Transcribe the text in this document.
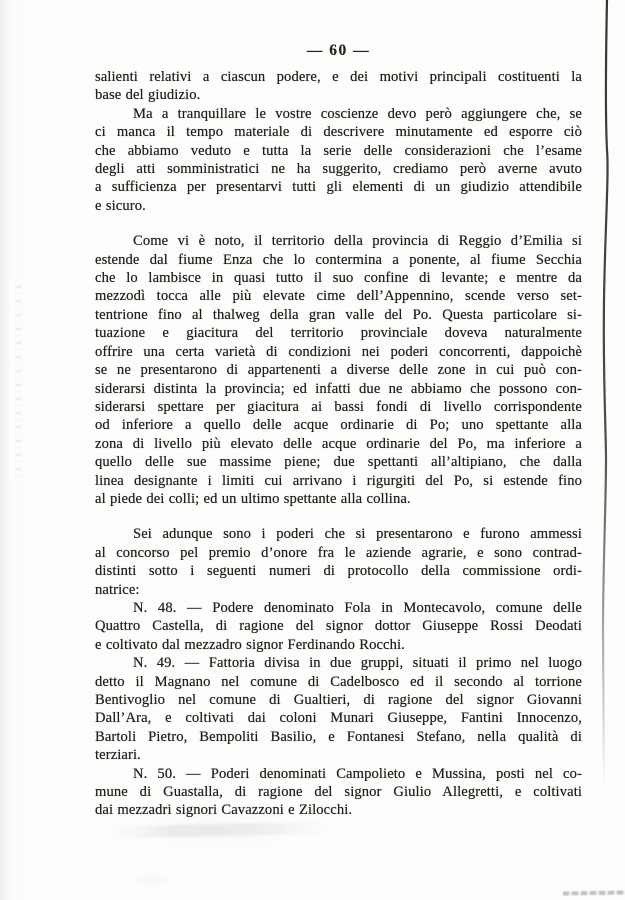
— 60 —
salienti relativi a ciascun podere, e dei motivi principali costituenti la
base del giudizio.
Ma a tranquillare le vostre coscienze devo però aggiungere che, se
ci manca il tempo materiale di descrivere minutamente ed esporre ciò
che abbiamo veduto e tutta la serie delle considerazioni che l’esame
degli atti somministratici ne ha suggerito, crediamo però averne avuto
a sufficienza per presentarvi tutti gli elementi di un giudizio attendibile
e sicuro.
Come vi è noto, il territorio della provincia di Reggio d’Emilia si
estende dal fiume Enza che lo contermina a ponente, al fiume Secchia
che lo lambisce in quasi tutto il suo confine di levante; e mentre da
mezzodì tocca alle più elevate cime dell’Appennino, scende verso set-
tentrione fino al thalweg della gran valle del Po. Questa particolare si-
tuazione e giacitura del territorio provinciale doveva naturalmente
offrire una certa varietà di condizioni nei poderi concorrenti, dappoichè
se ne presentarono di appartenenti a diverse delle zone in cui può con-
siderarsi distinta la provincia; ed infatti due ne abbiamo che possono con-
siderarsi spettare per giacitura ai bassi fondi di livello corrispondente
od inferiore a quello delle acque ordinarie di Po; uno spettante alla
zona di livello più elevato delle acque ordinarie del Po, ma inferiore a
quello delle sue massime piene; due spettanti all’altipiano, che dalla
linea designante i limiti cui arrivano i rigurgiti del Po, si estende fino
al piede dei colli; ed un ultimo spettante alla collina.
Sei adunque sono i poderi che si presentarono e furono ammessi
al concorso pel premio d’onore fra le aziende agrarie, e sono contrad-
distinti sotto i seguenti numeri di protocollo della commissione ordi-
natrice:
N. 48. — Podere denominato Fola in Montecavolo, comune delle
Quattro Castella, di ragione del signor dottor Giuseppe Rossi Deodati
e coltivato dal mezzadro signor Ferdinando Rocchi.
N. 49. — Fattoria divisa in due gruppi, situati il primo nel luogo
detto il Magnano nel comune di Cadelbosco ed il secondo al torrione
Bentivoglio nel comune di Gualtieri, di ragione del signor Giovanni
Dall’Ara, e coltivati dai coloni Munari Giuseppe, Fantini Innocenzo,
Bartoli Pietro, Bempoliti Basilio, e Fontanesi Stefano, nella qualità di
terziari.
N. 50. — Poderi denominati Campolieto e Mussina, posti nel co-
mune di Guastalla, di ragione del signor Giulio Allegretti, e coltivati
dai mezzadri signori Cavazzoni e Zilocchi.
